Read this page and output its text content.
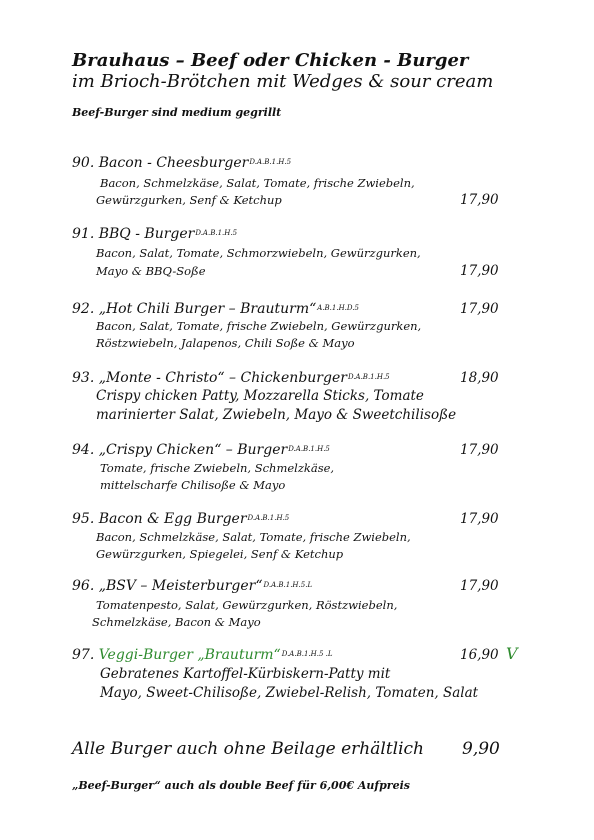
Brauhaus – Beef oder Chicken - Burger
im Brioch-Brötchen mit Wedges & sour cream
Beef-Burger sind medium gegrillt
90. Bacon - Cheesburger$^{D.A.B.1.H.5}$
Bacon, Schmelzkäse, Salat, Tomate, frische Zwiebeln,
Gewürzgurken, Senf & Ketchup	17,90
91. BBQ - Burger$^{D.A.B.1.H.5}$
Bacon, Salat, Tomate, Schmorzwiebeln, Gewürzgurken,
Mayo & BBQ-Soße	17,90
92. „Hot Chili Burger – Brauturm“$^{A.B.1.H.D.5}$	17,90
Bacon, Salat, Tomate, frische Zwiebeln, Gewürzgurken,
Röstzwiebeln, Jalapenos, Chili Soße & Mayo
93. „Monte - Christo“ – Chickenburger$^{D.A.B.1.H.5}$	18,90
Crispy chicken Patty, Mozzarella Sticks, Tomate
marinierter Salat, Zwiebeln, Mayo & Sweetchilisoße
94. „Crispy Chicken“ – Burger$^{D.A.B.1.H.5}$	17,90
Tomate, frische Zwiebeln, Schmelzkäse,
mittelscharfe Chilisoße & Mayo
95. Bacon & Egg Burger$^{D.A.B.1.H.5}$	17,90
Bacon, Schmelzkäse, Salat, Tomate, frische Zwiebeln,
Gewürzgurken, Spiegelei, Senf & Ketchup
96. „BSV – Meisterburger“$^{D.A.B.1.H.5.L}$	17,90
Tomatenpesto, Salat, Gewürzgurken, Röstzwiebeln,
Schmelzkäse, Bacon & Mayo
97. Veggi-Burger „Brauturm“$^{D.A.B.1.H.5 .L}$	16,90 V
Gebratenes Kartoffel-Kürbiskern-Patty mit
Mayo, Sweet-Chilisoße, Zwiebel-Relish, Tomaten, Salat
Alle Burger auch ohne Beilage erhältlich 9,90
„Beef-Burger“ auch als double Beef für 6,00€ Aufpreis
